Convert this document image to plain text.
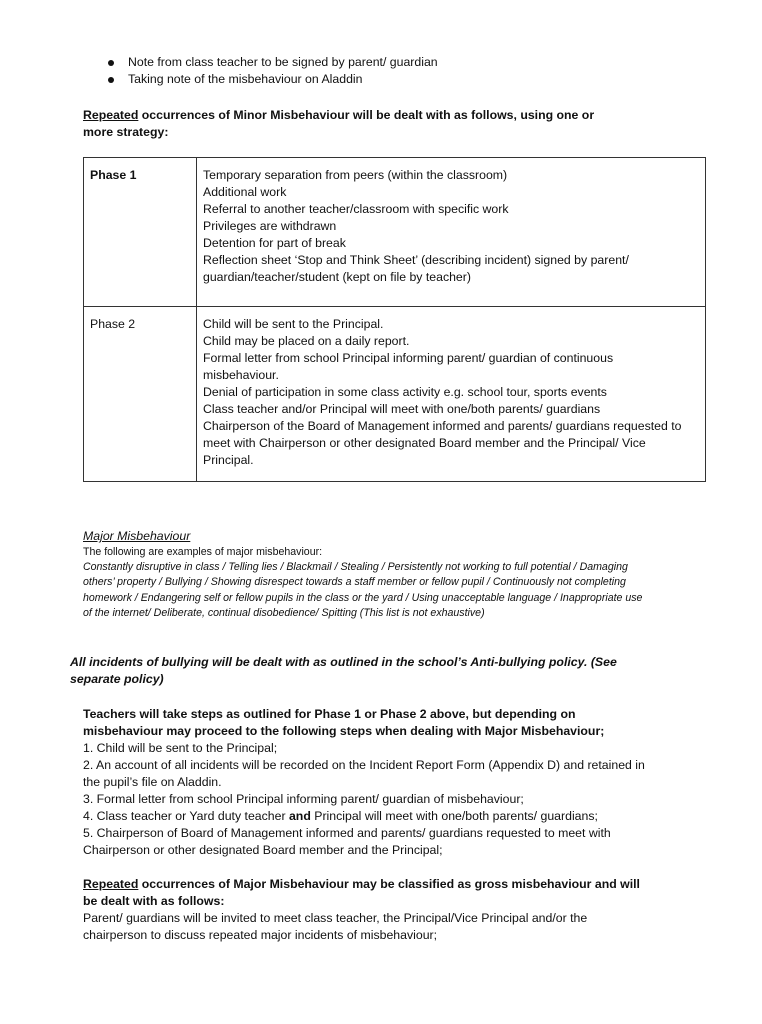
Note from class teacher to be signed by parent/ guardian
Taking note of the misbehaviour on Aladdin
Repeated occurrences of Minor Misbehaviour will be dealt with as follows, using one or more strategy:
Phase 1	Temporary separation from peers (within the classroom)
Additional work
Referral to another teacher/classroom with specific work
Privileges are withdrawn
Detention for part of break
Reflection sheet ‘Stop and Think Sheet’ (describing incident) signed by parent/ guardian/teacher/student (kept on file by teacher)

Phase 2	Child will be sent to the Principal.
Child may be placed on a daily report.
Formal letter from school Principal informing parent/ guardian of continuous misbehaviour.
Denial of participation in some class activity e.g. school tour, sports events
Class teacher and/or Principal will meet with one/both parents/ guardians
Chairperson of the Board of Management informed and parents/ guardians requested to meet with Chairperson or other designated Board member and the Principal/ Vice Principal.
Major Misbehaviour
The following are examples of major misbehaviour:
Constantly disruptive in class / Telling lies / Blackmail / Stealing / Persistently not working to full potential / Damaging others’ property / Bullying / Showing disrespect towards a staff member or fellow pupil / Continuously not completing homework / Endangering self or fellow pupils in the class or the yard / Using unacceptable language / Inappropriate use of the internet/ Deliberate, continual disobedience/ Spitting (This list is not exhaustive)
All incidents of bullying will be dealt with as outlined in the school’s Anti-bullying policy. (See separate policy)
Teachers will take steps as outlined for Phase 1 or Phase 2 above, but depending on misbehaviour may proceed to the following steps when dealing with Major Misbehaviour;
1. Child will be sent to the Principal;
2. An account of all incidents will be recorded on the Incident Report Form (Appendix D) and retained in the pupil’s file on Aladdin.
3. Formal letter from school Principal informing parent/ guardian of misbehaviour;
4. Class teacher or Yard duty teacher and Principal will meet with one/both parents/ guardians;
5. Chairperson of Board of Management informed and parents/ guardians requested to meet with Chairperson or other designated Board member and the Principal;
Repeated occurrences of Major Misbehaviour may be classified as gross misbehaviour and will be dealt with as follows:
Parent/ guardians will be invited to meet class teacher, the Principal/Vice Principal and/or the chairperson to discuss repeated major incidents of misbehaviour;
